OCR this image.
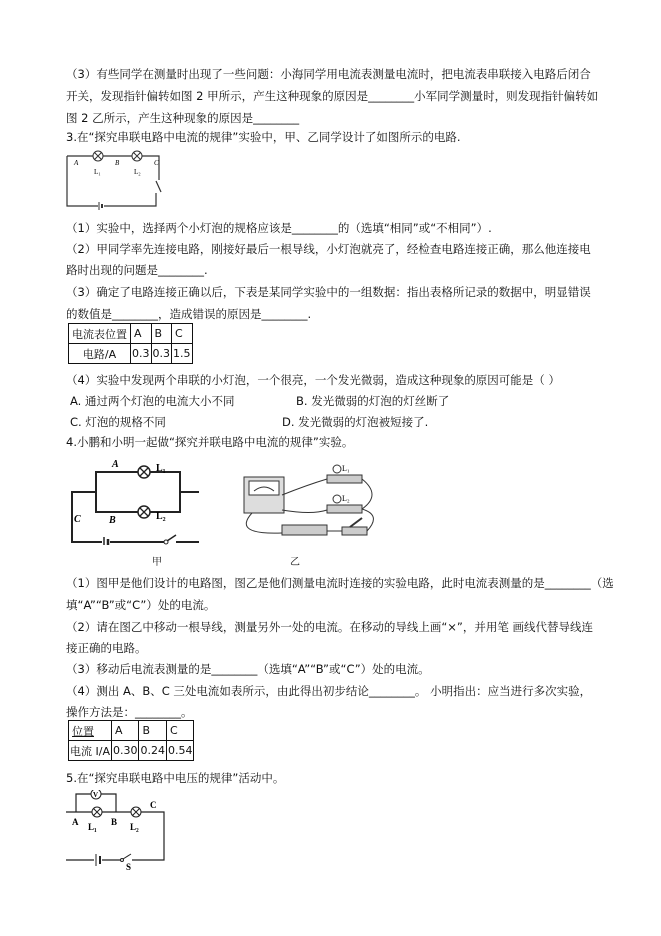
（3）有些同学在测量时出现了一些问题：小海同学用电流表测量电流时，把电流表串联接入电路后闭合
开关，发现指针偏转如图 2 甲所示，产生这种现象的原因是________小军同学测量时，则发现指针偏转如
图 2 乙所示，产生这种现象的原因是________
3.在“探究串联电路中电流的规律”实验中，甲、乙同学设计了如图所示的电路.
A	B	C
L₁	L₂
（1）实验中，选择两个小灯泡的规格应该是________的（选填“相同”或“不相同”）.
（2）甲同学率先连接电路，刚接好最后一根导线，小灯泡就亮了，经检查电路连接正确，那么他连接电
路时出现的问题是________.
（3）确定了电路连接正确以后，下表是某同学实验中的一组数据：指出表格所记录的数据中，明显错误
的数值是________，造成错误的原因是________.
电流表位置	A	B	C
电路/A	0.3	0.3	1.5
（4）实验中发现两个串联的小灯泡，一个很亮，一个发光微弱，造成这种现象的原因可能是（ ）
A. 通过两个灯泡的电流大小不同	B. 发光微弱的灯泡的灯丝断了
C. 灯泡的规格不同	D. 发光微弱的灯泡被短接了.
4.小鹏和小明一起做“探究并联电路中电流的规律”实验。
A
B
C
L₁
L₂
L₁
L₂
甲	乙
（1）图甲是他们设计的电路图，图乙是他们测量电流时连接的实验电路，此时电流表测量的是________（选
填“A”“B”或“C”）处的电流。
（2）请在图乙中移动一根导线，测量另外一处的电流。在移动的导线上画“×”，并用笔 画线代替导线连
接正确的电路。
（3）移动后电流表测量的是________（选填“A”“B”或“C”）处的电流。
（4）测出 A、B、C 三处电流如表所示，由此得出初步结论________。 小明指出：应当进行多次实验，
操作方法是：________。
位置	A	B	C
电流 I/A	0.30	0.24	0.54
5.在“探究串联电路中电压的规律”活动中。
V
A	B
C
L₁	L₂
S
